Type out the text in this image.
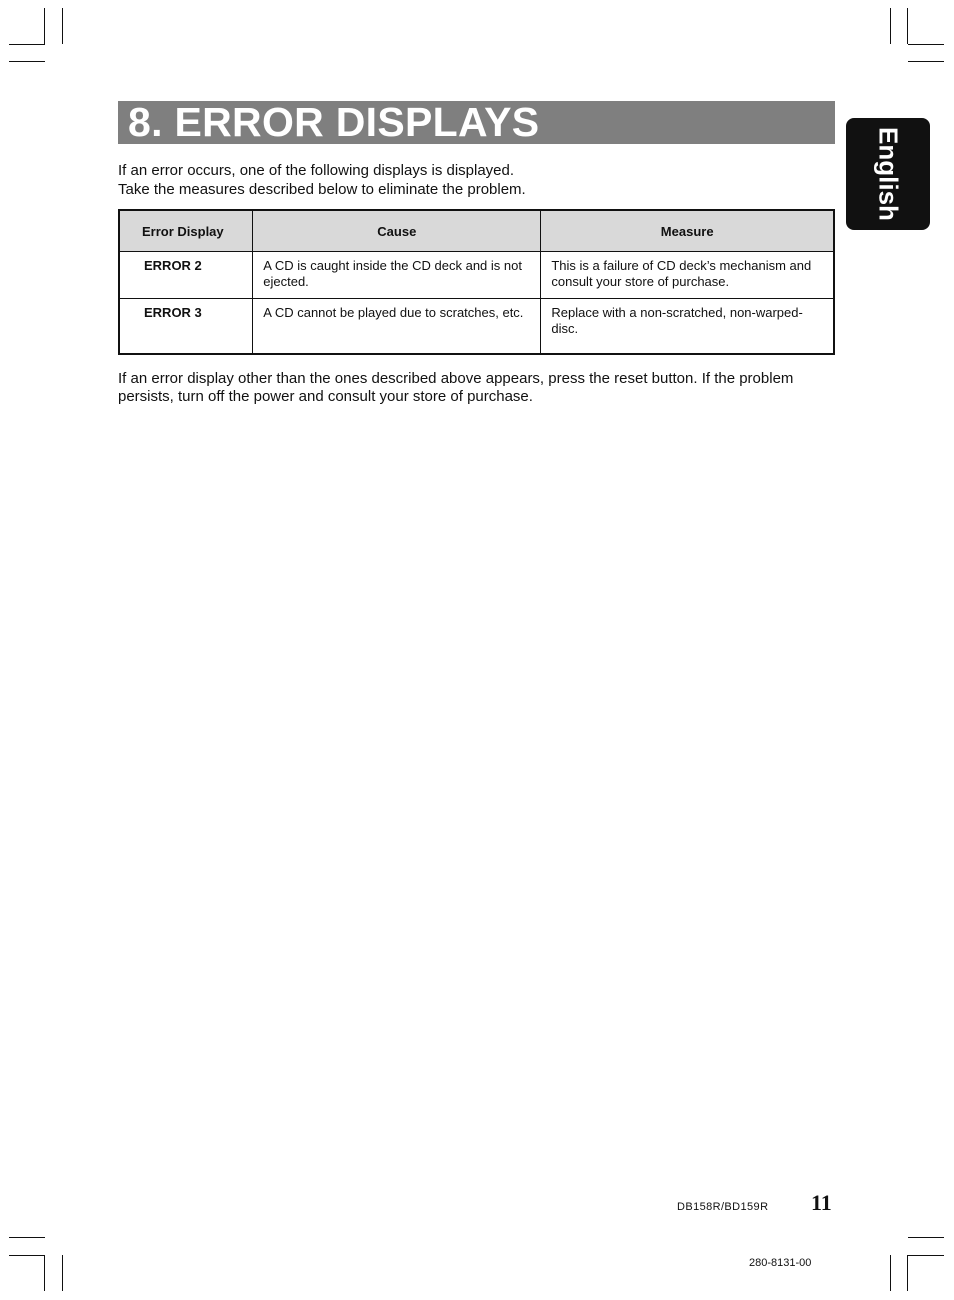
8. ERROR DISPLAYS
English
If an error occurs, one of the following displays is displayed.
Take the measures described below to eliminate the problem.
Error Display	Cause	Measure
ERROR 2	A CD is caught inside the CD deck and is not ejected.	This is a failure of CD deck’s mechanism and consult your store of purchase.
ERROR 3	A CD cannot be played due to scratches, etc.	Replace with a non-scratched, non-warped-disc.
If an error display other than the ones described above appears, press the reset button. If the problem persists, turn off the power and consult your store of purchase.
DB158R/BD159R 11
280-8131-00
